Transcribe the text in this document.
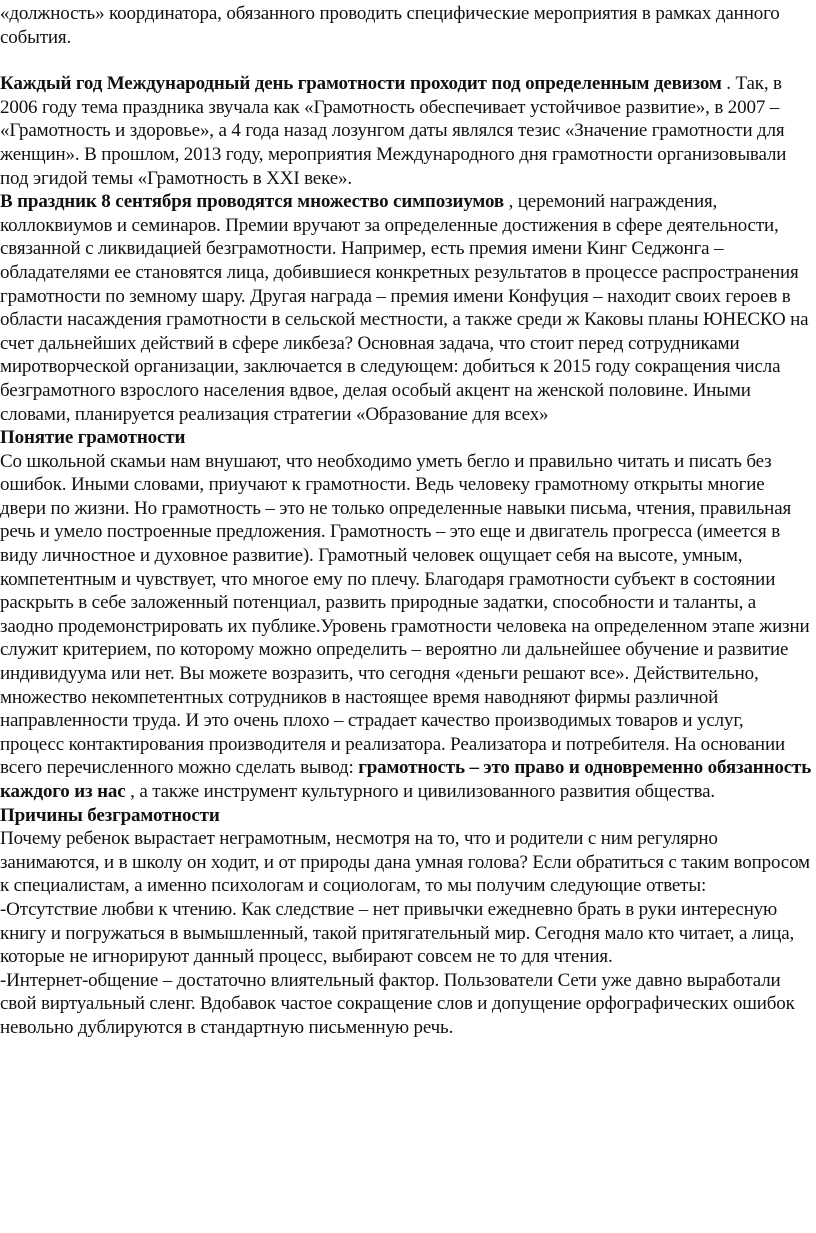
«должность» координатора, обязанного проводить специфические мероприятия в рамках данного события.

Каждый год Международный день грамотности проходит под определенным девизом . Так, в 2006 году тема праздника звучала как «Грамотность обеспечивает устойчивое развитие», в 2007 – «Грамотность и здоровье», а 4 года назад лозунгом даты являлся тезис «Значение грамотности для женщин». В прошлом, 2013 году, мероприятия Международного дня грамотности организовывали под эгидой темы «Грамотность в XXI веке».

В праздник 8 сентября проводятся множество симпозиумов , церемоний награждения, коллоквиумов и семинаров. Премии вручают за определенные достижения в сфере деятельности, связанной с ликвидацией безграмотности. Например, есть премия имени Кинг Седжонга – обладателями ее становятся лица, добившиеся конкретных результатов в процессе распространения грамотности по земному шару. Другая награда – премия имени Конфуция – находит своих героев в области насаждения грамотности в сельской местности, а также среди ж Каковы планы ЮНЕСКО на счет дальнейших действий в сфере ликбеза? Основная задача, что стоит перед сотрудниками миротворческой организации, заключается в следующем: добиться к 2015 году сокращения числа безграмотного взрослого населения вдвое, делая особый акцент на женской половине. Иными словами, планируется реализация стратегии «Образование для всех»

Понятие грамотности

Со школьной скамьи нам внушают, что необходимо уметь бегло и правильно читать и писать без ошибок. Иными словами, приучают к грамотности. Ведь человеку грамотному открыты многие двери по жизни. Но грамотность – это не только определенные навыки письма, чтения, правильная речь и умело построенные предложения. Грамотность – это еще и двигатель прогресса (имеется в виду личностное и духовное развитие). Грамотный человек ощущает себя на высоте, умным, компетентным и чувствует, что многое ему по плечу. Благодаря грамотности субъект в состоянии раскрыть в себе заложенный потенциал, развить природные задатки, способности и таланты, а заодно продемонстрировать их публике.Уровень грамотности человека на определенном этапе жизни служит критерием, по которому можно определить – вероятно ли дальнейшее обучение и развитие индивидуума или нет. Вы можете возразить, что сегодня «деньги решают все». Действительно, множество некомпетентных сотрудников в настоящее время наводняют фирмы различной направленности труда. И это очень плохо – страдает качество производимых товаров и услуг, процесс контактирования производителя и реализатора. Реализатора и потребителя. На основании всего перечисленного можно сделать вывод: грамотность – это право и одновременно обязанность каждого из нас , а также инструмент культурного и цивилизованного развития общества.

Причины безграмотности

Почему ребенок вырастает неграмотным, несмотря на то, что и родители с ним регулярно занимаются, и в школу он ходит, и от природы дана умная голова? Если обратиться с таким вопросом к специалистам, а именно психологам и социологам, то мы получим следующие ответы:

-Отсутствие любви к чтению. Как следствие – нет привычки ежедневно брать в руки интересную книгу и погружаться в вымышленный, такой притягательный мир. Сегодня мало кто читает, а лица, которые не игнорируют данный процесс, выбирают совсем не то для чтения.

-Интернет-общение – достаточно влиятельный фактор. Пользователи Сети уже давно выработали свой виртуальный сленг. Вдобавок частое сокращение слов и допущение орфографических ошибок невольно дублируются в стандартную письменную речь.
